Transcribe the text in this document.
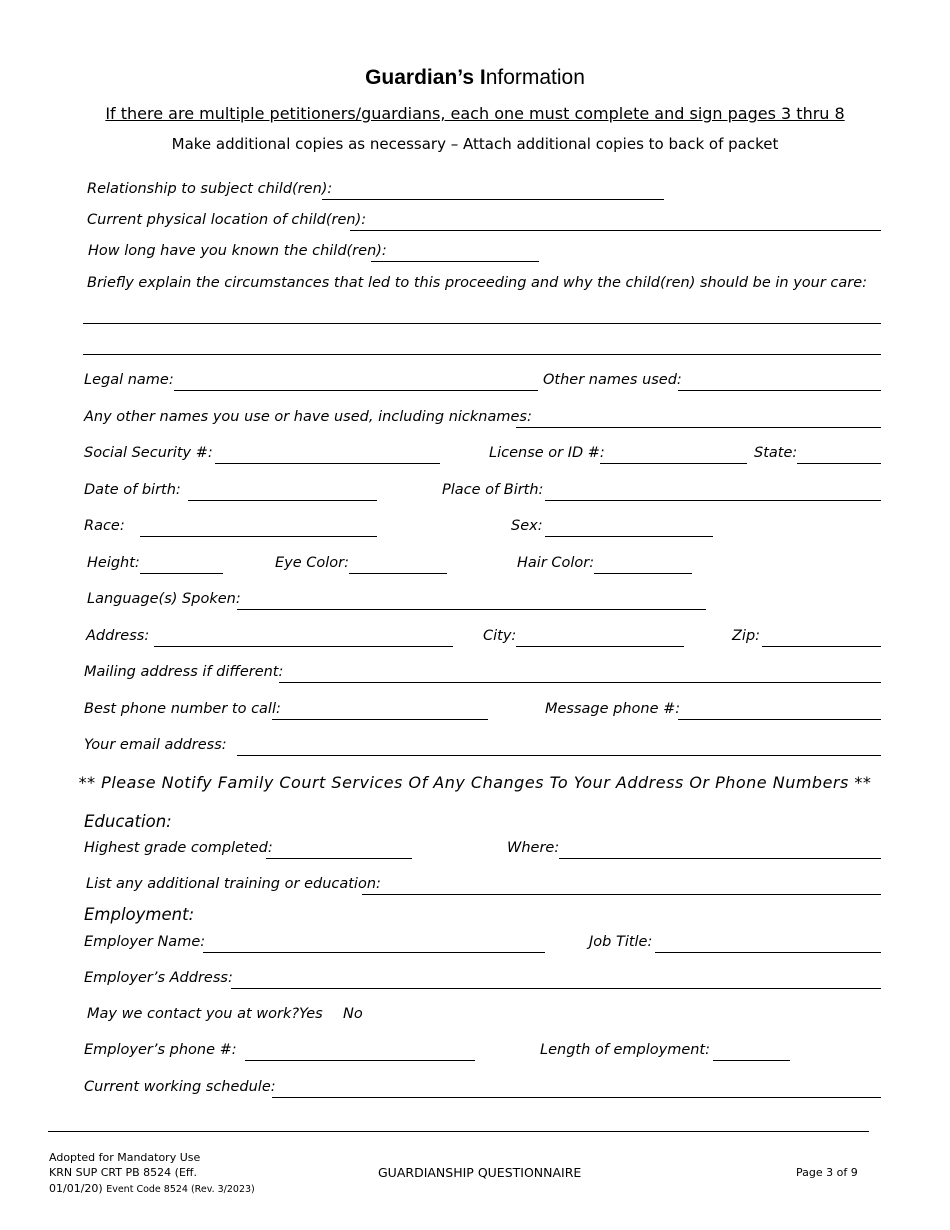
Guardian’s Information
If there are multiple petitioners/guardians, each one must complete and sign pages 3 thru 8
Make additional copies as necessary – Attach additional copies to back of packet
Relationship to subject child(ren):
Current physical location of child(ren):
How long have you known the child(ren):
Briefly explain the circumstances that led to this proceeding and why the child(ren) should be in your care:
Legal name:	Other names used:
Any other names you use or have used, including nicknames:
Social Security #:	License or ID #:	State:
Date of birth:	Place of Birth:
Race:	Sex:
Height:	Eye Color:	Hair Color:
Language(s) Spoken:
Address:	City:	Zip:
Mailing address if different:
Best phone number to call:	Message phone #:
Your email address:
** Please Notify Family Court Services Of Any Changes To Your Address Or Phone Numbers **
Education:
Highest grade completed:	Where:
List any additional training or education:
Employment:
Employer Name:	Job Title:
Employer’s Address:
May we contact you at work? Yes No
Employer’s phone #:	Length of employment:
Current working schedule:
Adopted for Mandatory Use
KRN SUP CRT PB 8524 (Eff.
01/01/20) Event Code 8524 (Rev. 3/2023)
GUARDIANSHIP QUESTIONNAIRE	Page 3 of 9
